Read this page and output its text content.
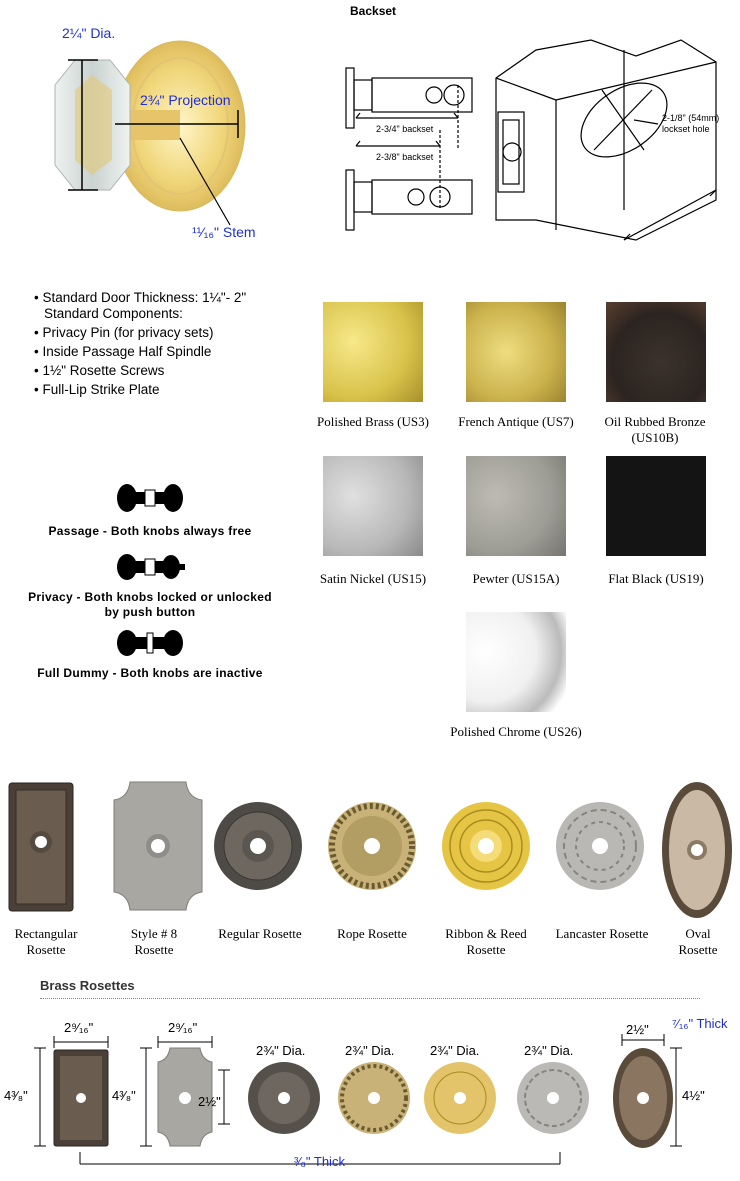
2¼" Dia.
2¾" Projection
¹¹⁄₁₆" Stem
Backset
2-3/4" backset
2-3/8" backset
2-1/8" (54mm)
lockset hole
• Standard Door Thickness: 1¼"- 2"
Standard Components:
• Privacy Pin (for privacy sets)
• Inside Passage Half Spindle
• 1½" Rosette Screws
• Full-Lip Strike Plate
Passage - Both knobs always free
Privacy - Both knobs locked or unlocked
by push button
Full Dummy - Both knobs are inactive
Polished Brass (US3)	French Antique (US7)	Oil Rubbed Bronze (US10B)
Satin Nickel (US15)	Pewter (US15A)	Flat Black (US19)
Polished Chrome (US26)
Rectangular
Rosette
Style # 8
Rosette
Regular Rosette	Rope Rosette	Ribbon & Reed
Rosette
Lancaster Rosette	Oval
Rosette
Brass Rosettes
2⁹⁄₁₆"
4³⁄₈"
2⁹⁄₁₆"
4³⁄₈"	2½"
2¾" Dia.	2¾" Dia.	2¾" Dia.	2¾" Dia.
2½"
4½"
⁷⁄₁₆" Thick
³⁄₈" Thick
